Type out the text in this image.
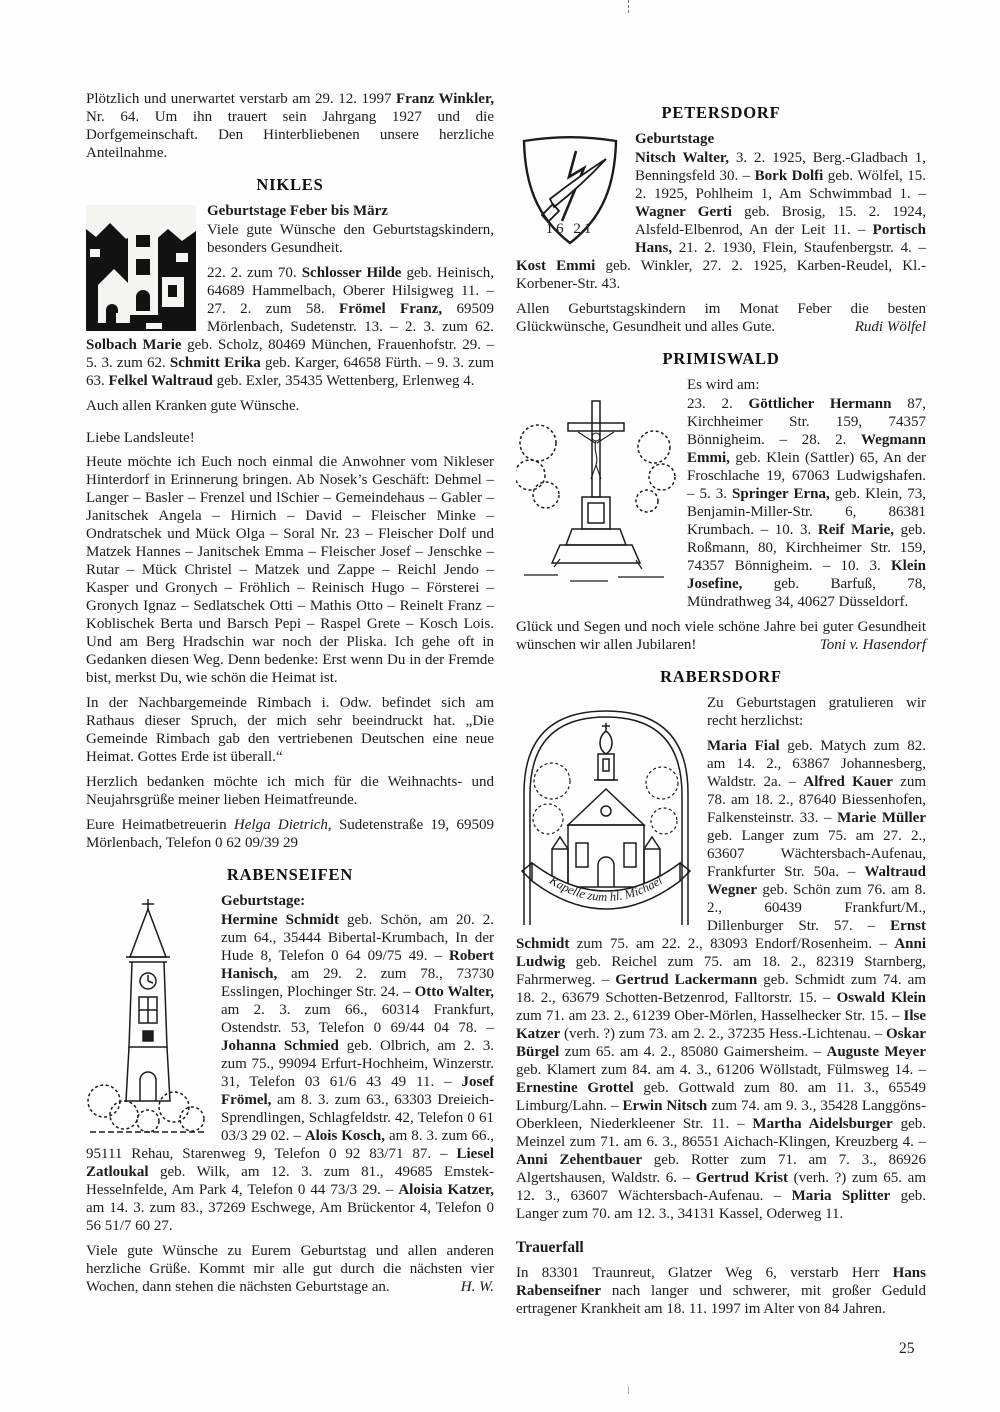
Plötzlich und unerwartet verstarb am 29. 12. 1997 Franz Winkler, Nr. 64. Um ihn trauert sein Jahrgang 1927 und die Dorfgemeinschaft. Den Hinterbliebenen unsere herzliche Anteilnahme.

NIKLES

Geburtstage Feber bis März

Viele gute Wünsche den Geburtstagskindern, besonders Gesundheit.

22. 2. zum 70. Schlosser Hilde geb. Heinisch, 64689 Hammelbach, Oberer Hilsigweg 11. – 27. 2. zum 58. Frömel Franz, 69509 Mörlenbach, Sudetenstr. 13. – 2. 3. zum 62. Solbach Marie geb. Scholz, 80469 München, Frauenhofstr. 29. – 5. 3. zum 62. Schmitt Erika geb. Karger, 64658 Fürth. – 9. 3. zum 63. Felkel Waltraud geb. Exler, 35435 Wettenberg, Erlenweg 4.

Auch allen Kranken gute Wünsche.

Liebe Landsleute!

Heute möchte ich Euch noch einmal die Anwohner vom Nikleser Hinterdorf in Erinnerung bringen. Ab Nosek’s Geschäft: Dehmel – Langer – Basler – Frenzel und lSchier – Gemeindehaus – Gabler – Janitschek Angela – Hirnich – David – Fleischer Minke – Ondratschek und Mück Olga – Soral Nr. 23 – Fleischer Dolf und Matzek Hannes – Janitschek Emma – Fleischer Josef – Jenschke – Rutar – Mück Christel – Matzek und Zappe – Reichl Jendo – Kasper und Gronych – Fröhlich – Reinisch Hugo – Försterei – Gronych Ignaz – Sedlatschek Otti – Mathis Otto – Reinelt Franz – Koblischek Berta und Barsch Pepi – Raspel Grete – Kosch Lois. Und am Berg Hradschin war noch der Pliska. Ich gehe oft in Gedanken diesen Weg. Denn bedenke: Erst wenn Du in der Fremde bist, merkst Du, wie schön die Heimat ist.

In der Nachbargemeinde Rimbach i. Odw. befindet sich am Rathaus dieser Spruch, der mich sehr beeindruckt hat. „Die Gemeinde Rimbach gab den vertriebenen Deutschen eine neue Heimat. Gottes Erde ist überall.“

Herzlich bedanken möchte ich mich für die Weihnachts- und Neujahrsgrüße meiner lieben Heimatfreunde.

Eure Heimatbetreuerin Helga Dietrich, Sudetenstraße 19, 69509 Mörlenbach, Telefon 0 62 09/39 29

RABENSEIFEN

Geburtstage:

Hermine Schmidt geb. Schön, am 20. 2. zum 64., 35444 Bibertal-Krumbach, In der Hude 8, Telefon 0 64 09/75 49. – Robert Hanisch, am 29. 2. zum 78., 73730 Esslingen, Plochinger Str. 24. – Otto Walter, am 2. 3. zum 66., 60314 Frankfurt, Ostendstr. 53, Telefon 0 69/44 04 78. – Johanna Schmied geb. Olbrich, am 2. 3. zum 75., 99094 Erfurt-Hochheim, Winzerstr. 31, Telefon 03 61/6 43 49 11. – Josef Frömel, am 8. 3. zum 63., 63303 Dreieich-Sprendlingen, Schlagfeldstr. 42, Telefon 0 61 03/3 29 02. – Alois Kosch, am 8. 3. zum 66., 95111 Rehau, Starenweg 9, Telefon 0 92 83/71 87. – Liesel Zatloukal geb. Wilk, am 12. 3. zum 81., 49685 Emstek-Hesselnfelde, Am Park 4, Telefon 0 44 73/3 29. – Aloisia Katzer, am 14. 3. zum 83., 37269 Eschwege, Am Brückentor 4, Telefon 0 56 51/7 60 27.

Viele gute Wünsche zu Eurem Geburtstag und allen anderen herzliche Grüße. Kommt mir alle gut durch die nächsten vier Wochen, dann stehen die nächsten Geburtstage an.	H. W.

PETERSDORF
16 21

Geburtstage

Nitsch Walter, 3. 2. 1925, Berg.-Gladbach 1, Benningsfeld 30. – Bork Dolfi geb. Wölfel, 15. 2. 1925, Pohlheim 1, Am Schwimmbad 1. – Wagner Gerti geb. Brosig, 15. 2. 1924, Alsfeld-Elbenrod, An der Leit 11. – Portisch Hans, 21. 2. 1930, Flein, Staufenbergstr. 4. – Kost Emmi geb. Winkler, 27. 2. 1925, Karben-Reudel, Kl.-Korbener-Str. 43.

Allen Geburtstagskindern im Monat Feber die besten Glückwünsche, Gesundheit und alles Gute.	Rudi Wölfel

PRIMISWALD

Es wird am:

23. 2. Göttlicher Hermann 87, Kirchheimer Str. 159, 74357 Bönnigheim. – 28. 2. Wegmann Emmi, geb. Klein (Sattler) 65, An der Froschlache 19, 67063 Ludwigshafen. – 5. 3. Springer Erna, geb. Klein, 73, Benjamin-Miller-Str. 6, 86381 Krumbach. – 10. 3. Reif Marie, geb. Roßmann, 80, Kirchheimer Str. 159, 74357 Bönnigheim. – 10. 3. Klein Josefine, geb. Barfuß, 78, Mündrathweg 34, 40627 Düsseldorf.

Glück und Segen und noch viele schöne Jahre bei guter Gesundheit wünschen wir allen Jubilaren!	Toni v. Hasendorf

RABERSDORF
Kapelle zum hl. Michael

Zu Geburtstagen gratulieren wir recht herzlichst:

Maria Fial geb. Matych zum 82. am 14. 2., 63867 Johannesberg, Waldstr. 2a. – Alfred Kauer zum 78. am 18. 2., 87640 Biessenhofen, Falkensteinstr. 33. – Marie Müller geb. Langer zum 75. am 27. 2., 63607 Wächtersbach-Aufenau, Frankfurter Str. 50a. – Waltraud Wegner geb. Schön zum 76. am 8. 2., 60439 Frankfurt/M., Dillenburger Str. 57. – Ernst Schmidt zum 75. am 22. 2., 83093 Endorf/Rosenheim. – Anni Ludwig geb. Reichel zum 75. am 18. 2., 82319 Starnberg, Fahrmerweg. – Gertrud Lackermann geb. Schmidt zum 74. am 18. 2., 63679 Schotten-Betzenrod, Falltorstr. 15. – Oswald Klein zum 71. am 23. 2., 61239 Ober-Mörlen, Hasselhecker Str. 15. – Ilse Katzer (verh. ?) zum 73. am 2. 2., 37235 Hess.-Lichtenau. – Oskar Bürgel zum 65. am 4. 2., 85080 Gaimersheim. – Auguste Meyer geb. Klamert zum 84. am 4. 3., 61206 Wöllstadt, Fülmsweg 14. – Ernestine Grottel geb. Gottwald zum 80. am 11. 3., 65549 Limburg/Lahn. – Erwin Nitsch zum 74. am 9. 3., 35428 Langgöns-Oberkleen, Niederkleener Str. 11. – Martha Aidelsburger geb. Meinzel zum 71. am 6. 3., 86551 Aichach-Klingen, Kreuzberg 4. – Anni Zehentbauer geb. Rotter zum 71. am 7. 3., 86926 Algertshausen, Waldstr. 6. – Gertrud Krist (verh. ?) zum 65. am 12. 3., 63607 Wächtersbach-Aufenau. – Maria Splitter geb. Langer zum 70. am 12. 3., 34131 Kassel, Oderweg 11.

Trauerfall

In 83301 Traunreut, Glatzer Weg 6, verstarb Herr Hans Rabenseifner nach langer und schwerer, mit großer Geduld ertragener Krankheit am 18. 11. 1997 im Alter von 84 Jahren.

25
